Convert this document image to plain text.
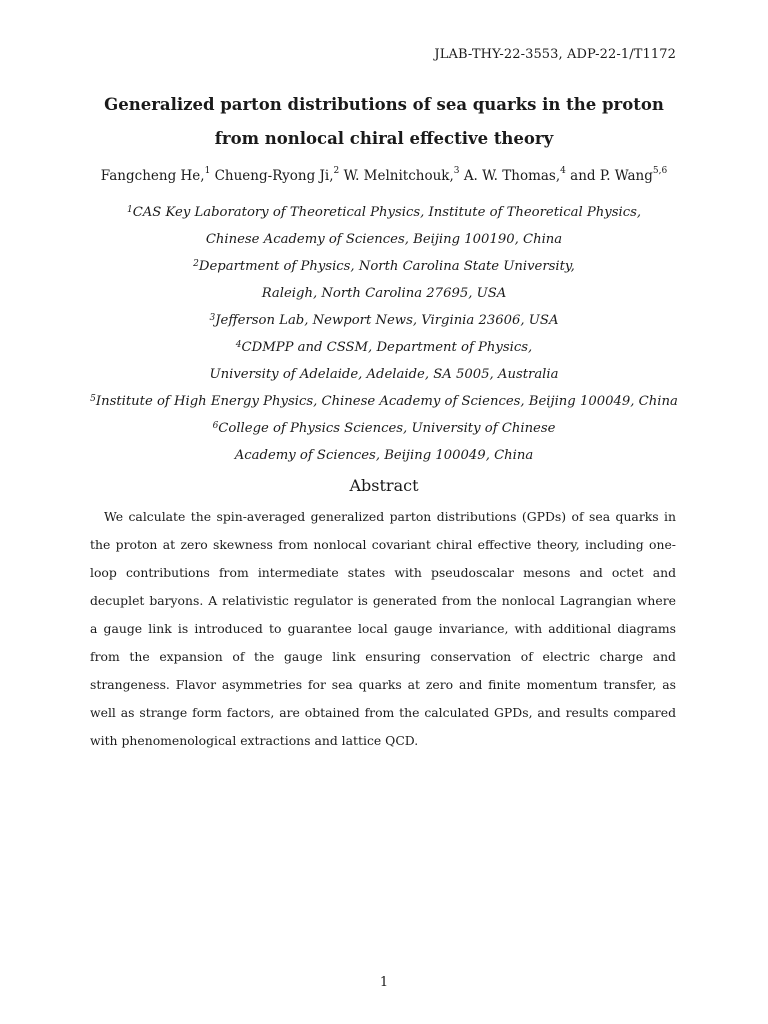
JLAB-THY-22-3553, ADP-22-1/T1172
Generalized parton distributions of sea quarks in the proton
from nonlocal chiral effective theory
Fangcheng He,$^1$ Chueng-Ryong Ji,$^2$ W. Melnitchouk,$^3$ A. W. Thomas,$^4$ and P. Wang$^{5,6}$
$^1$CAS Key Laboratory of Theoretical Physics, Institute of Theoretical Physics,
Chinese Academy of Sciences, Beijing 100190, China
$^2$Department of Physics, North Carolina State University,
Raleigh, North Carolina 27695, USA
$^3$Jefferson Lab, Newport News, Virginia 23606, USA
$^4$CDMPP and CSSM, Department of Physics,
University of Adelaide, Adelaide, SA 5005, Australia
$^5$Institute of High Energy Physics, Chinese Academy of Sciences, Beijing 100049, China
$^6$College of Physics Sciences, University of Chinese
Academy of Sciences, Beijing 100049, China
Abstract
We calculate the spin-averaged generalized parton distributions (GPDs) of sea quarks in the proton at zero skewness from nonlocal covariant chiral effective theory, including one-loop contributions from intermediate states with pseudoscalar mesons and octet and decuplet baryons. A relativistic regulator is generated from the nonlocal Lagrangian where a gauge link is introduced to guarantee local gauge invariance, with additional diagrams from the expansion of the gauge link ensuring conservation of electric charge and strangeness. Flavor asymmetries for sea quarks at zero and finite momentum transfer, as well as strange form factors, are obtained from the calculated GPDs, and results compared with phenomenological extractions and lattice QCD.
1
